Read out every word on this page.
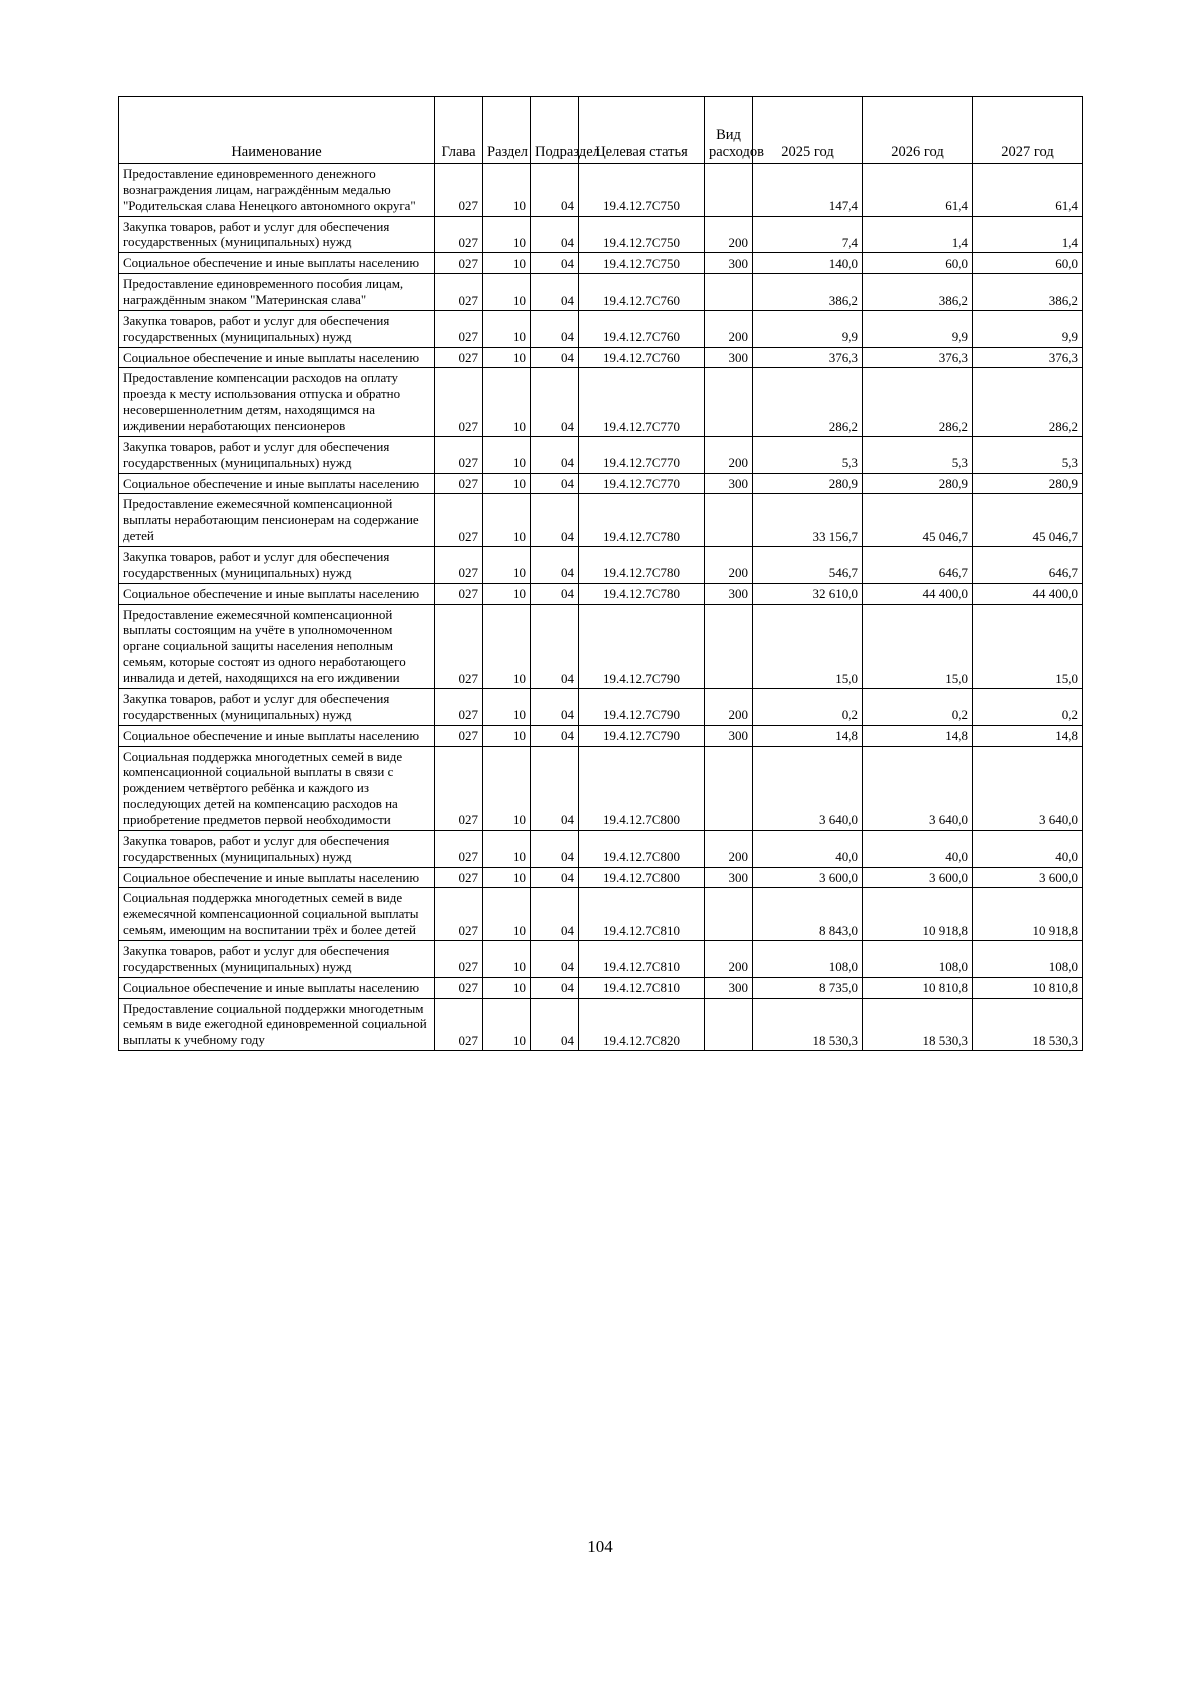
Наименование	Глава	Раздел	Подраздел	Целевая статья	Вид расходов	2025 год	2026 год	2027 год
Предоставление единовременного денежного вознаграждения лицам, награждённым медалью "Родительская слава Ненецкого автономного округа"	027	10	04	19.4.12.7С750		147,4	61,4	61,4
Закупка товаров, работ и услуг для обеспечения государственных (муниципальных) нужд	027	10	04	19.4.12.7С750	200	7,4	1,4	1,4
Социальное обеспечение и иные выплаты населению	027	10	04	19.4.12.7С750	300	140,0	60,0	60,0
Предоставление единовременного пособия лицам, награждённым знаком "Материнская слава"	027	10	04	19.4.12.7С760		386,2	386,2	386,2
Закупка товаров, работ и услуг для обеспечения государственных (муниципальных) нужд	027	10	04	19.4.12.7С760	200	9,9	9,9	9,9
Социальное обеспечение и иные выплаты населению	027	10	04	19.4.12.7С760	300	376,3	376,3	376,3
Предоставление компенсации расходов на оплату проезда к месту использования отпуска и обратно несовершеннолетним детям, находящимся на иждивении неработающих пенсионеров	027	10	04	19.4.12.7С770		286,2	286,2	286,2
Закупка товаров, работ и услуг для обеспечения государственных (муниципальных) нужд	027	10	04	19.4.12.7С770	200	5,3	5,3	5,3
Социальное обеспечение и иные выплаты населению	027	10	04	19.4.12.7С770	300	280,9	280,9	280,9
Предоставление ежемесячной компенсационной выплаты неработающим пенсионерам на содержание детей	027	10	04	19.4.12.7С780		33 156,7	45 046,7	45 046,7
Закупка товаров, работ и услуг для обеспечения государственных (муниципальных) нужд	027	10	04	19.4.12.7С780	200	546,7	646,7	646,7
Социальное обеспечение и иные выплаты населению	027	10	04	19.4.12.7С780	300	32 610,0	44 400,0	44 400,0
Предоставление ежемесячной компенсационной выплаты состоящим на учёте в уполномоченном органе социальной защиты населения неполным семьям, которые состоят из одного неработающего инвалида и детей, находящихся на его иждивении	027	10	04	19.4.12.7С790		15,0	15,0	15,0
Закупка товаров, работ и услуг для обеспечения государственных (муниципальных) нужд	027	10	04	19.4.12.7С790	200	0,2	0,2	0,2
Социальное обеспечение и иные выплаты населению	027	10	04	19.4.12.7С790	300	14,8	14,8	14,8
Социальная поддержка многодетных семей в виде компенсационной социальной выплаты в связи с рождением четвёртого ребёнка и каждого из последующих детей на компенсацию расходов на приобретение предметов первой необходимости	027	10	04	19.4.12.7С800		3 640,0	3 640,0	3 640,0
Закупка товаров, работ и услуг для обеспечения государственных (муниципальных) нужд	027	10	04	19.4.12.7С800	200	40,0	40,0	40,0
Социальное обеспечение и иные выплаты населению	027	10	04	19.4.12.7С800	300	3 600,0	3 600,0	3 600,0
Социальная поддержка многодетных семей в виде ежемесячной компенсационной социальной выплаты семьям, имеющим на воспитании трёх и более детей	027	10	04	19.4.12.7С810		8 843,0	10 918,8	10 918,8
Закупка товаров, работ и услуг для обеспечения государственных (муниципальных) нужд	027	10	04	19.4.12.7С810	200	108,0	108,0	108,0
Социальное обеспечение и иные выплаты населению	027	10	04	19.4.12.7С810	300	8 735,0	10 810,8	10 810,8
Предоставление социальной поддержки многодетным семьям в виде ежегодной единовременной социальной выплаты к учебному году	027	10	04	19.4.12.7С820		18 530,3	18 530,3	18 530,3
104
